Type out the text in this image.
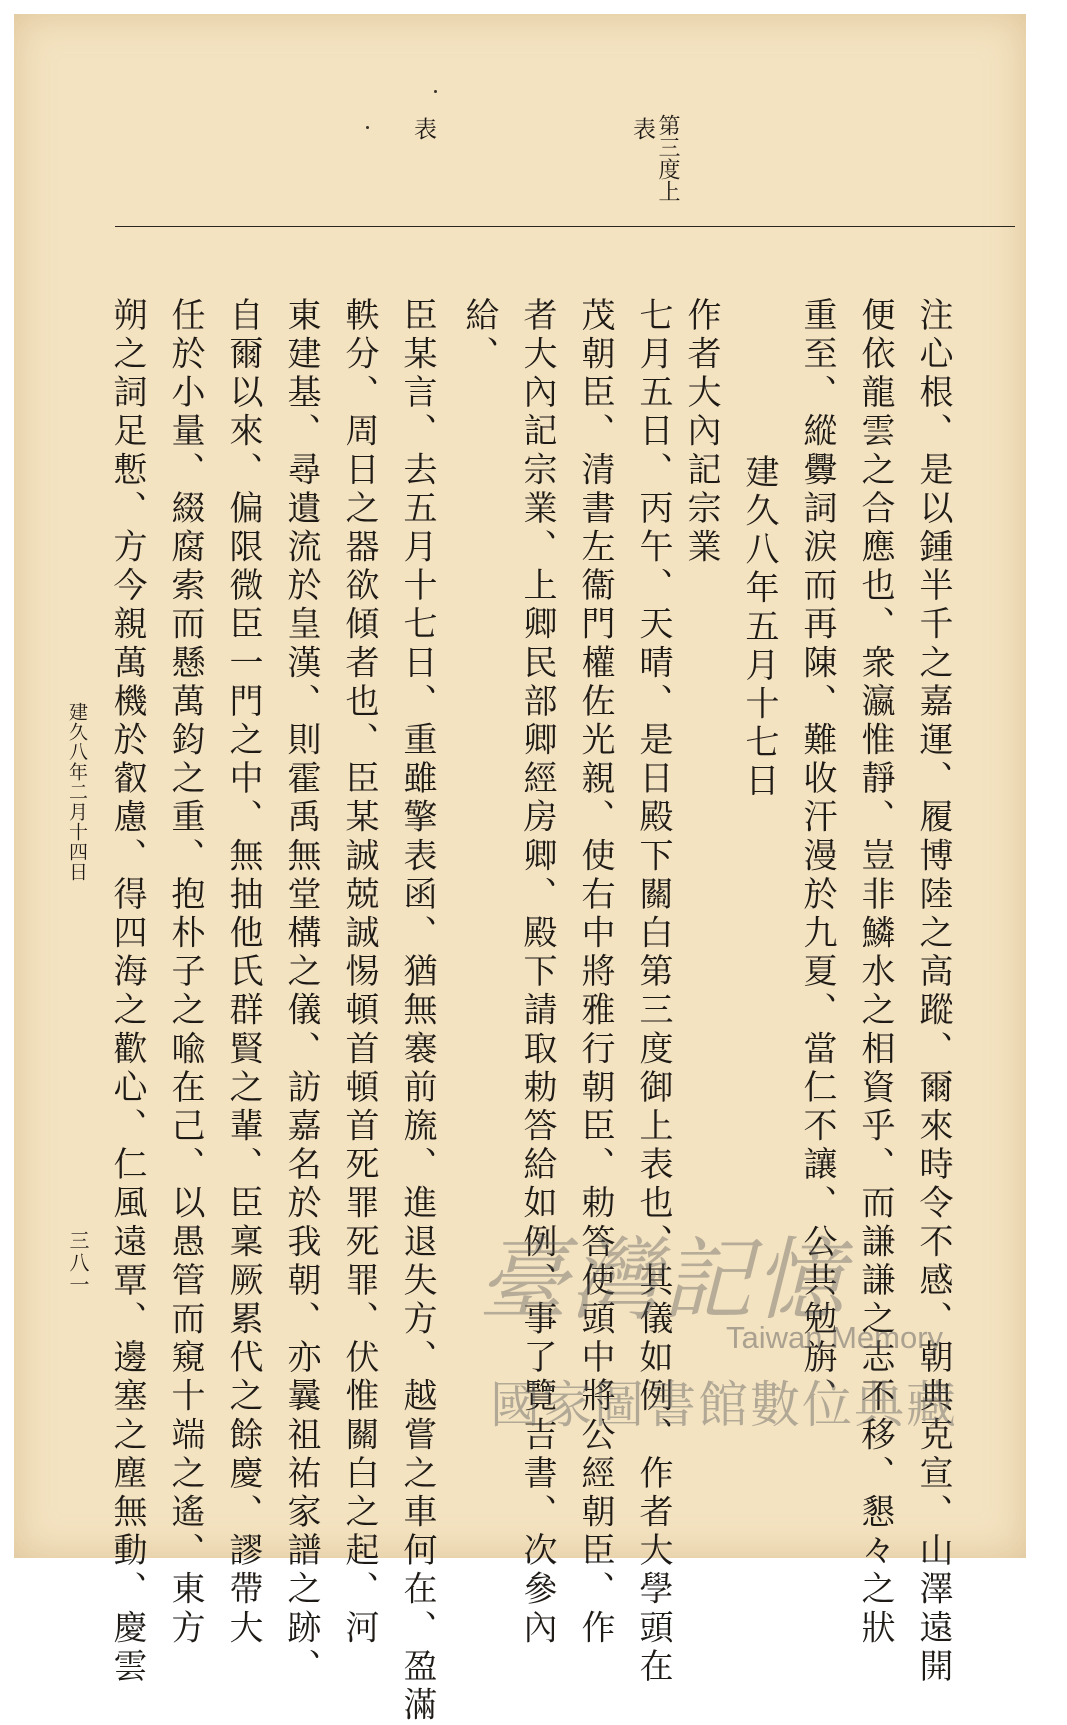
第三度上
表
表
注心根、是以鍾半千之嘉運、履博陸之高蹤、爾來時令不感、朝典克宣、山澤遠開
便依龍雲之合應也、衆瀛惟靜、豈非鱗水之相資乎、而謙謙之志不移、懇々之狀
重至、縱釁詞涙而再陳、難收汗漫於九夏、當仁不讓、公共勉旃、
建久八年五月十七日
作者大內記宗業
七月五日、丙午、天晴、是日殿下關白第三度御上表也、其儀如例、作者大學頭在
茂朝臣、清書左衞門權佐光親、使右中將雅行朝臣、勅答使頭中將公經朝臣、作
者大內記宗業、上卿民部卿經房卿、殿下請取勅答給如例、事了覽吉書、次參內
給、
臣某言、去五月十七日、重雖擎表函、猶無褰前旒、進退失方、越嘗之車何在、盈滿
軼分、周日之器欲傾者也、臣某誠兢誠惕頓首頓首死罪死罪、伏惟關白之起、河
東建基、尋遺流於皇漢、則霍禹無堂構之儀、訪嘉名於我朝、亦曩祖祐家譜之跡、
自爾以來、偏限微臣一門之中、無抽他氏群賢之輩、臣稟厥累代之餘慶、謬帶大
任於小量、綴腐索而懸萬鈞之重、抱朴子之喩在己、以愚管而窺十端之遙、東方
朔之詞足慙、方今親萬機於叡慮、得四海之歡心、仁風遠覃、邊塞之塵無動、慶雲
建久八年二月十四日
三八一	臺灣記憶
Taiwan Memory
國家圖書館數位典藏
